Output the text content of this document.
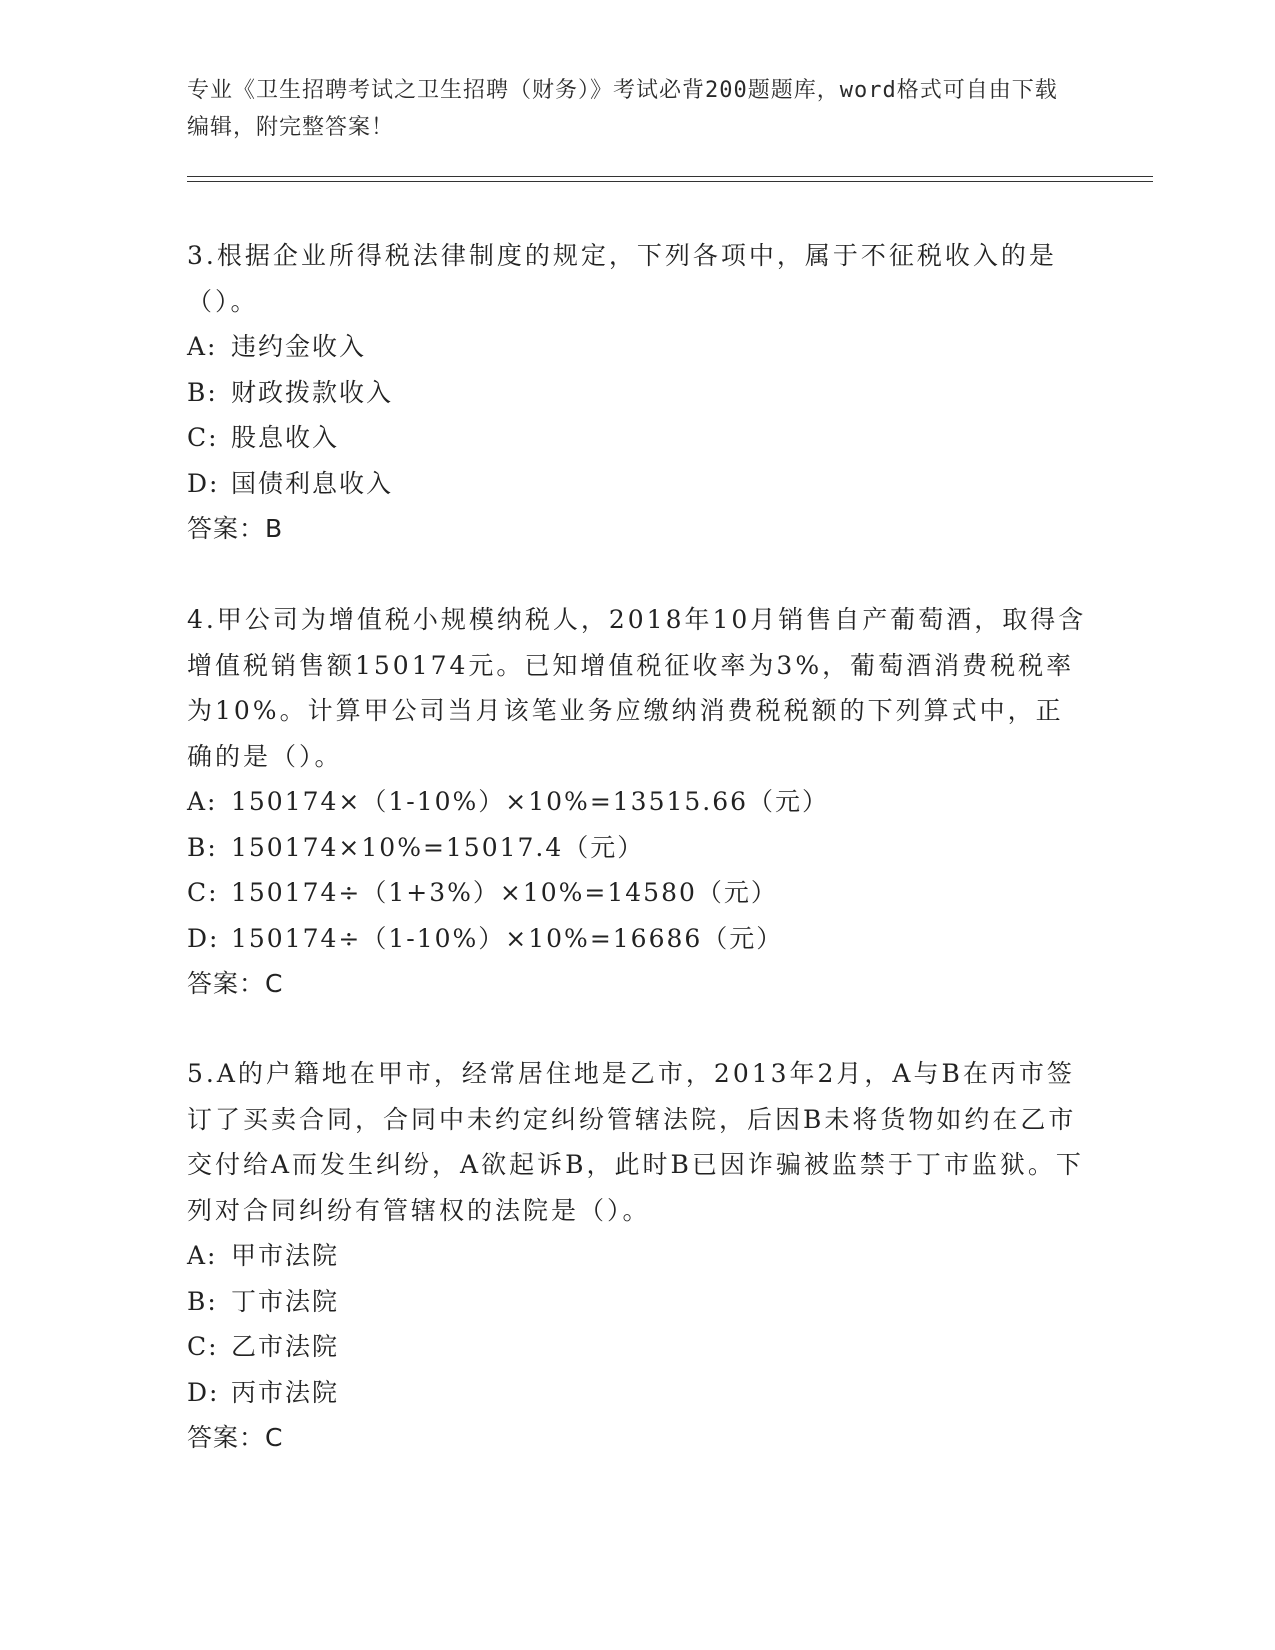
专业《卫生招聘考试之卫生招聘（财务）》考试必背200题题库，word格式可自由下载编辑，附完整答案！

3.根据企业所得税法律制度的规定，下列各项中，属于不征税收入的是（）。

A: 违约金收入

B: 财政拨款收入

C: 股息收入

D: 国债利息收入

答案：B

4.甲公司为增值税小规模纳税人，2018年10月销售自产葡萄酒，取得含增值税销售额150174元。已知增值税征收率为3%，葡萄酒消费税税率为10%。计算甲公司当月该笔业务应缴纳消费税税额的下列算式中，正确的是（）。

A: 150174×（1-10%）×10%=13515.66（元）

B: 150174×10%=15017.4（元）

C: 150174÷（1+3%）×10%=14580（元）

D: 150174÷（1-10%）×10%=16686（元）

答案：C

5.A的户籍地在甲市，经常居住地是乙市，2013年2月，A与B在丙市签订了买卖合同，合同中未约定纠纷管辖法院，后因B未将货物如约在乙市交付给A而发生纠纷，A欲起诉B，此时B已因诈骗被监禁于丁市监狱。下列对合同纠纷有管辖权的法院是（）。

A: 甲市法院

B: 丁市法院

C: 乙市法院

D: 丙市法院

答案：C
